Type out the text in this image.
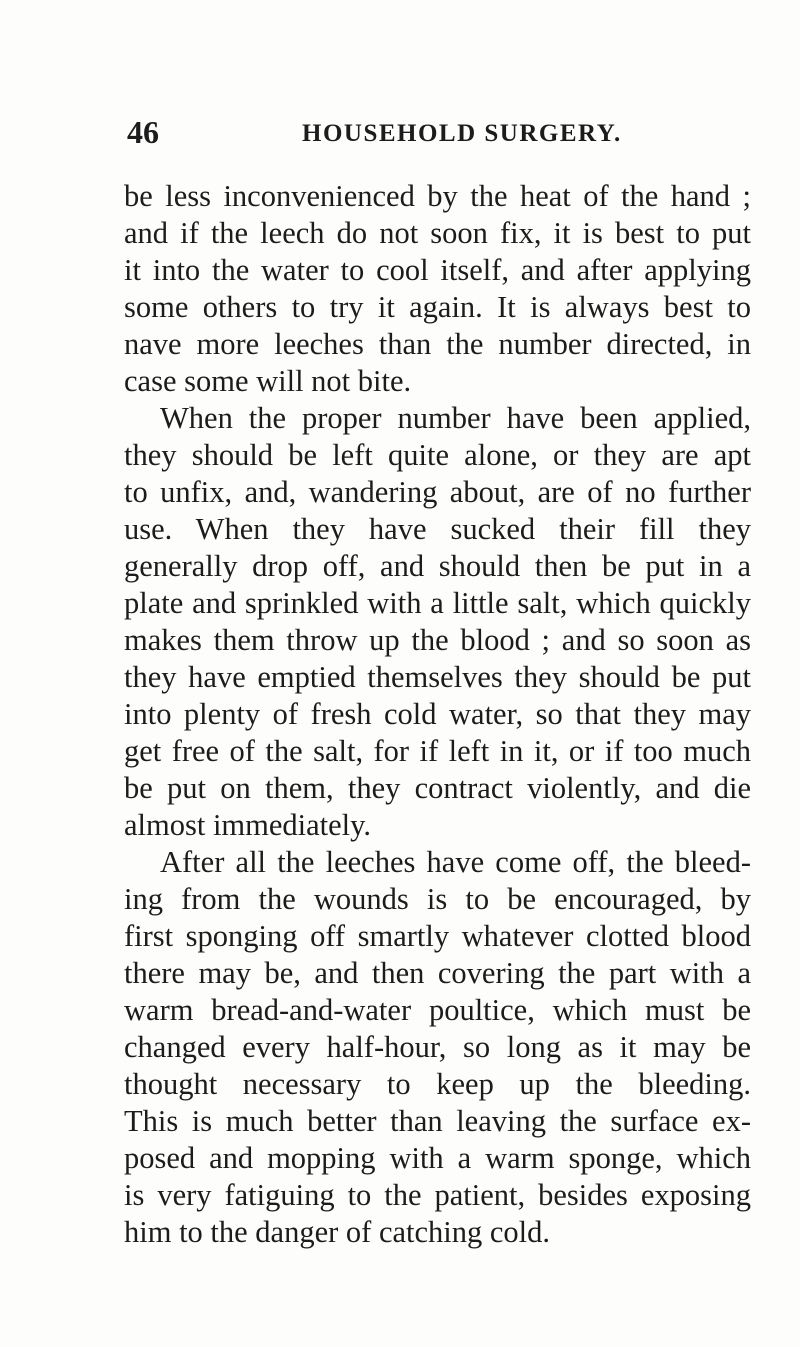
46	HOUSEHOLD SURGERY.
be less inconvenienced by the heat of the hand ;
and if the leech do not soon fix, it is best to put
it into the water to cool itself, and after applying
some others to try it again. It is always best to
nave more leeches than the number directed, in
case some will not bite.
When the proper number have been applied,
they should be left quite alone, or they are apt
to unfix, and, wandering about, are of no further
use. When they have sucked their fill they
generally drop off, and should then be put in a
plate and sprinkled with a little salt, which quickly
makes them throw up the blood ; and so soon as
they have emptied themselves they should be put
into plenty of fresh cold water, so that they may
get free of the salt, for if left in it, or if too much
be put on them, they contract violently, and die
almost immediately.
After all the leeches have come off, the bleed-
ing from the wounds is to be encouraged, by
first sponging off smartly whatever clotted blood
there may be, and then covering the part with a
warm bread-and-water poultice, which must be
changed every half-hour, so long as it may be
thought necessary to keep up the bleeding.
This is much better than leaving the surface ex-
posed and mopping with a warm sponge, which
is very fatiguing to the patient, besides exposing
him to the danger of catching cold.
